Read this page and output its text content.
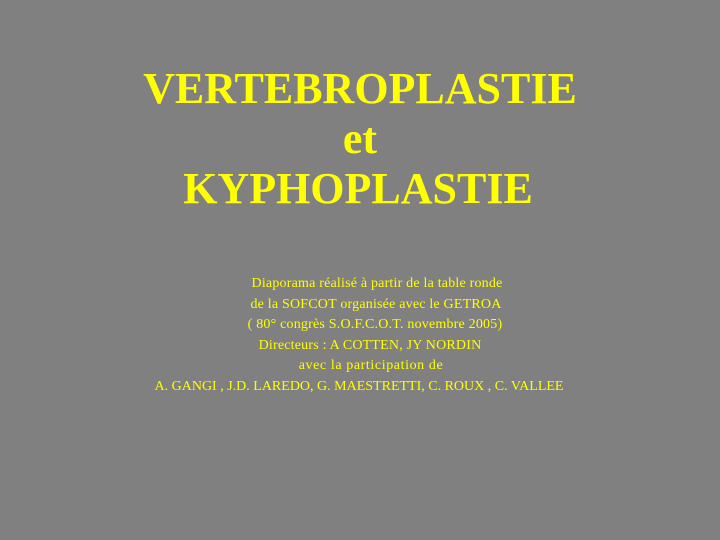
VERTEBROPLASTIE
et
KYPHOPLASTIE
Diaporama réalisé à partir de la table ronde
de la SOFCOT organisée avec le GETROA
( 80° congrès S.O.F.C.O.T. novembre 2005)
Directeurs : A COTTEN, JY NORDIN
avec la participation de
A. GANGI , J.D. LAREDO, G. MAESTRETTI, C. ROUX , C. VALLEE
